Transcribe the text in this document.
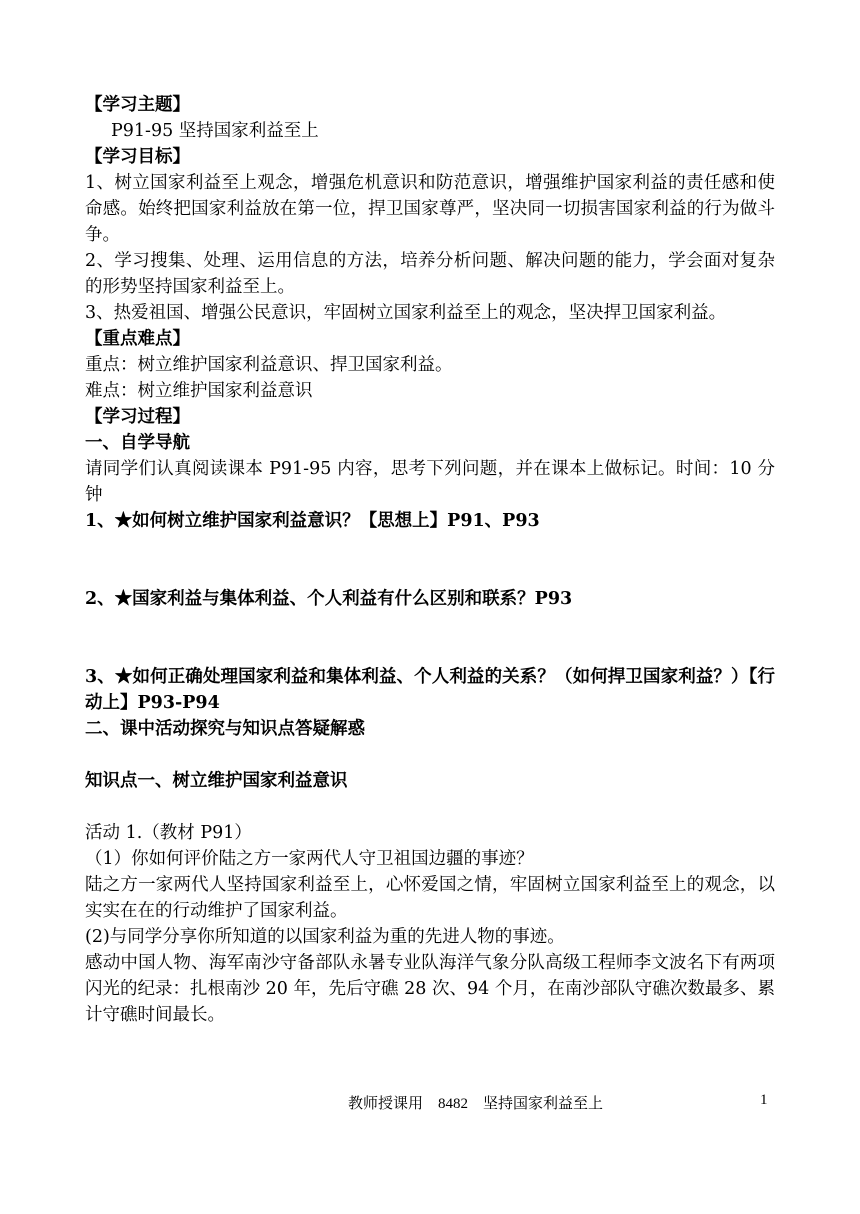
【学习主题】

P91-95 坚持国家利益至上

【学习目标】

1、树立国家利益至上观念，增强危机意识和防范意识，增强维护国家利益的责任感和使命感。始终把国家利益放在第一位，捍卫国家尊严，坚决同一切损害国家利益的行为做斗争。

2、学习搜集、处理、运用信息的方法，培养分析问题、解决问题的能力，学会面对复杂的形势坚持国家利益至上。

3、热爱祖国、增强公民意识，牢固树立国家利益至上的观念，坚决捍卫国家利益。

【重点难点】

重点：树立维护国家利益意识、捍卫国家利益。

难点：树立维护国家利益意识

【学习过程】

一、自学导航

请同学们认真阅读课本 P91-95 内容，思考下列问题，并在课本上做标记。时间：10 分钟

1、★如何树立维护国家利益意识？【思想上】P91、P93

2、★国家利益与集体利益、个人利益有什么区别和联系？P93

3、★如何正确处理国家利益和集体利益、个人利益的关系？（如何捍卫国家利益？）【行动上】P93-P94

二、课中活动探究与知识点答疑解惑

知识点一、树立维护国家利益意识

活动 1.（教材 P91）

（1）你如何评价陆之方一家两代人守卫祖国边疆的事迹？

陆之方一家两代人坚持国家利益至上，心怀爱国之情，牢固树立国家利益至上的观念，以实实在在的行动维护了国家利益。

(2)与同学分享你所知道的以国家利益为重的先进人物的事迹。

感动中国人物、海军南沙守备部队永暑专业队海洋气象分队高级工程师李文波名下有两项闪光的纪录：扎根南沙 20 年，先后守礁 28 次、94 个月，在南沙部队守礁次数最多、累计守礁时间最长。

教师授课用　8482　坚持国家利益至上	1
